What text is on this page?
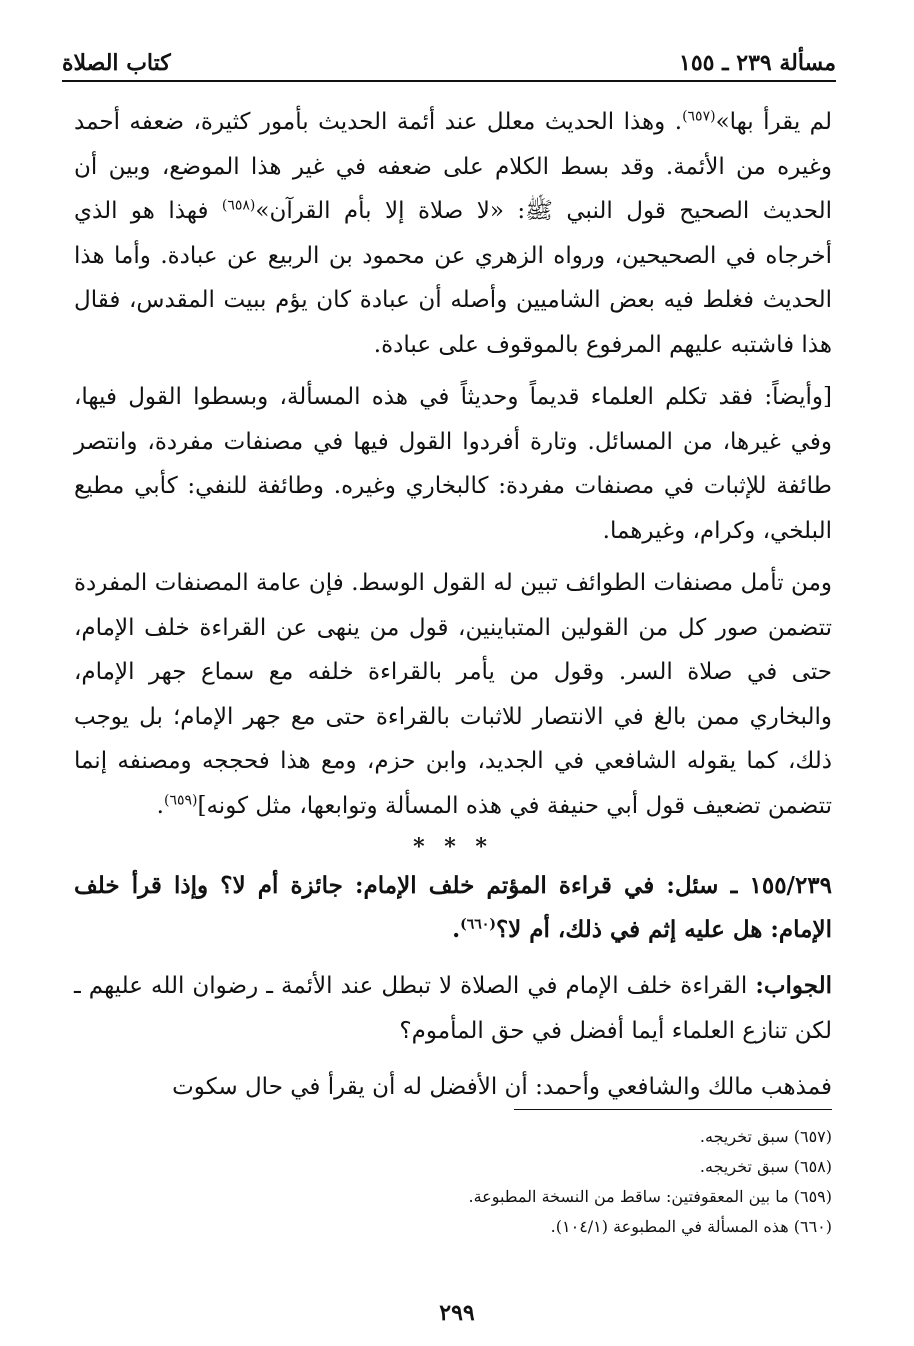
مسألة ٢٣٩ ـ ١٥٥
كتاب الصلاة

لم يقرأ بها»$^{(٦٥٧)}$. وهذا الحديث معلل عند أئمة الحديث بأمور كثيرة، ضعفه أحمد وغيره من الأئمة. وقد بسط الكلام على ضعفه في غير هذا الموضع، وبين أن الحديث الصحيح قول النبي ﷺ: «لا صلاة إلا بأم القرآن»$^{(٦٥٨)}$ فهذا هو الذي أخرجاه في الصحيحين، ورواه الزهري عن محمود بن الربيع عن عبادة. وأما هذا الحديث فغلط فيه بعض الشاميين وأصله أن عبادة كان يؤم ببيت المقدس، فقال هذا فاشتبه عليهم المرفوع بالموقوف على عبادة.

[وأيضاً: فقد تكلم العلماء قديماً وحديثاً في هذه المسألة، وبسطوا القول فيها، وفي غيرها، من المسائل. وتارة أفردوا القول فيها في مصنفات مفردة، وانتصر طائفة للإثبات في مصنفات مفردة: كالبخاري وغيره. وطائفة للنفي: كأبي مطيع البلخي، وكرام، وغيرهما.

ومن تأمل مصنفات الطوائف تبين له القول الوسط. فإن عامة المصنفات المفردة تتضمن صور كل من القولين المتباينين، قول من ينهى عن القراءة خلف الإمام، حتى في صلاة السر. وقول من يأمر بالقراءة خلفه مع سماع جهر الإمام، والبخاري ممن بالغ في الانتصار للاثبات بالقراءة حتى مع جهر الإمام؛ بل يوجب ذلك، كما يقوله الشافعي في الجديد، وابن حزم، ومع هذا فحججه ومصنفه إنما تتضمن تضعيف قول أبي حنيفة في هذه المسألة وتوابعها، مثل كونه]$^{(٦٥٩)}$.

* * *

١٥٥/٢٣٩ ـ سئل: في قراءة المؤتم خلف الإمام: جائزة أم لا؟ وإذا قرأ خلف الإمام: هل عليه إثم في ذلك، أم لا؟$^{(٦٦٠)}$.

الجواب: القراءة خلف الإمام في الصلاة لا تبطل عند الأئمة ـ رضوان الله عليهم ـ لكن تنازع العلماء أيما أفضل في حق المأموم؟

فمذهب مالك والشافعي وأحمد: أن الأفضل له أن يقرأ في حال سكوت

(٦٥٧) سبق تخريجه.
(٦٥٨) سبق تخريجه.
(٦٥٩) ما بين المعقوفتين: ساقط من النسخة المطبوعة.
(٦٦٠) هذه المسألة في المطبوعة (١٠٤/١).
٢٩٩
